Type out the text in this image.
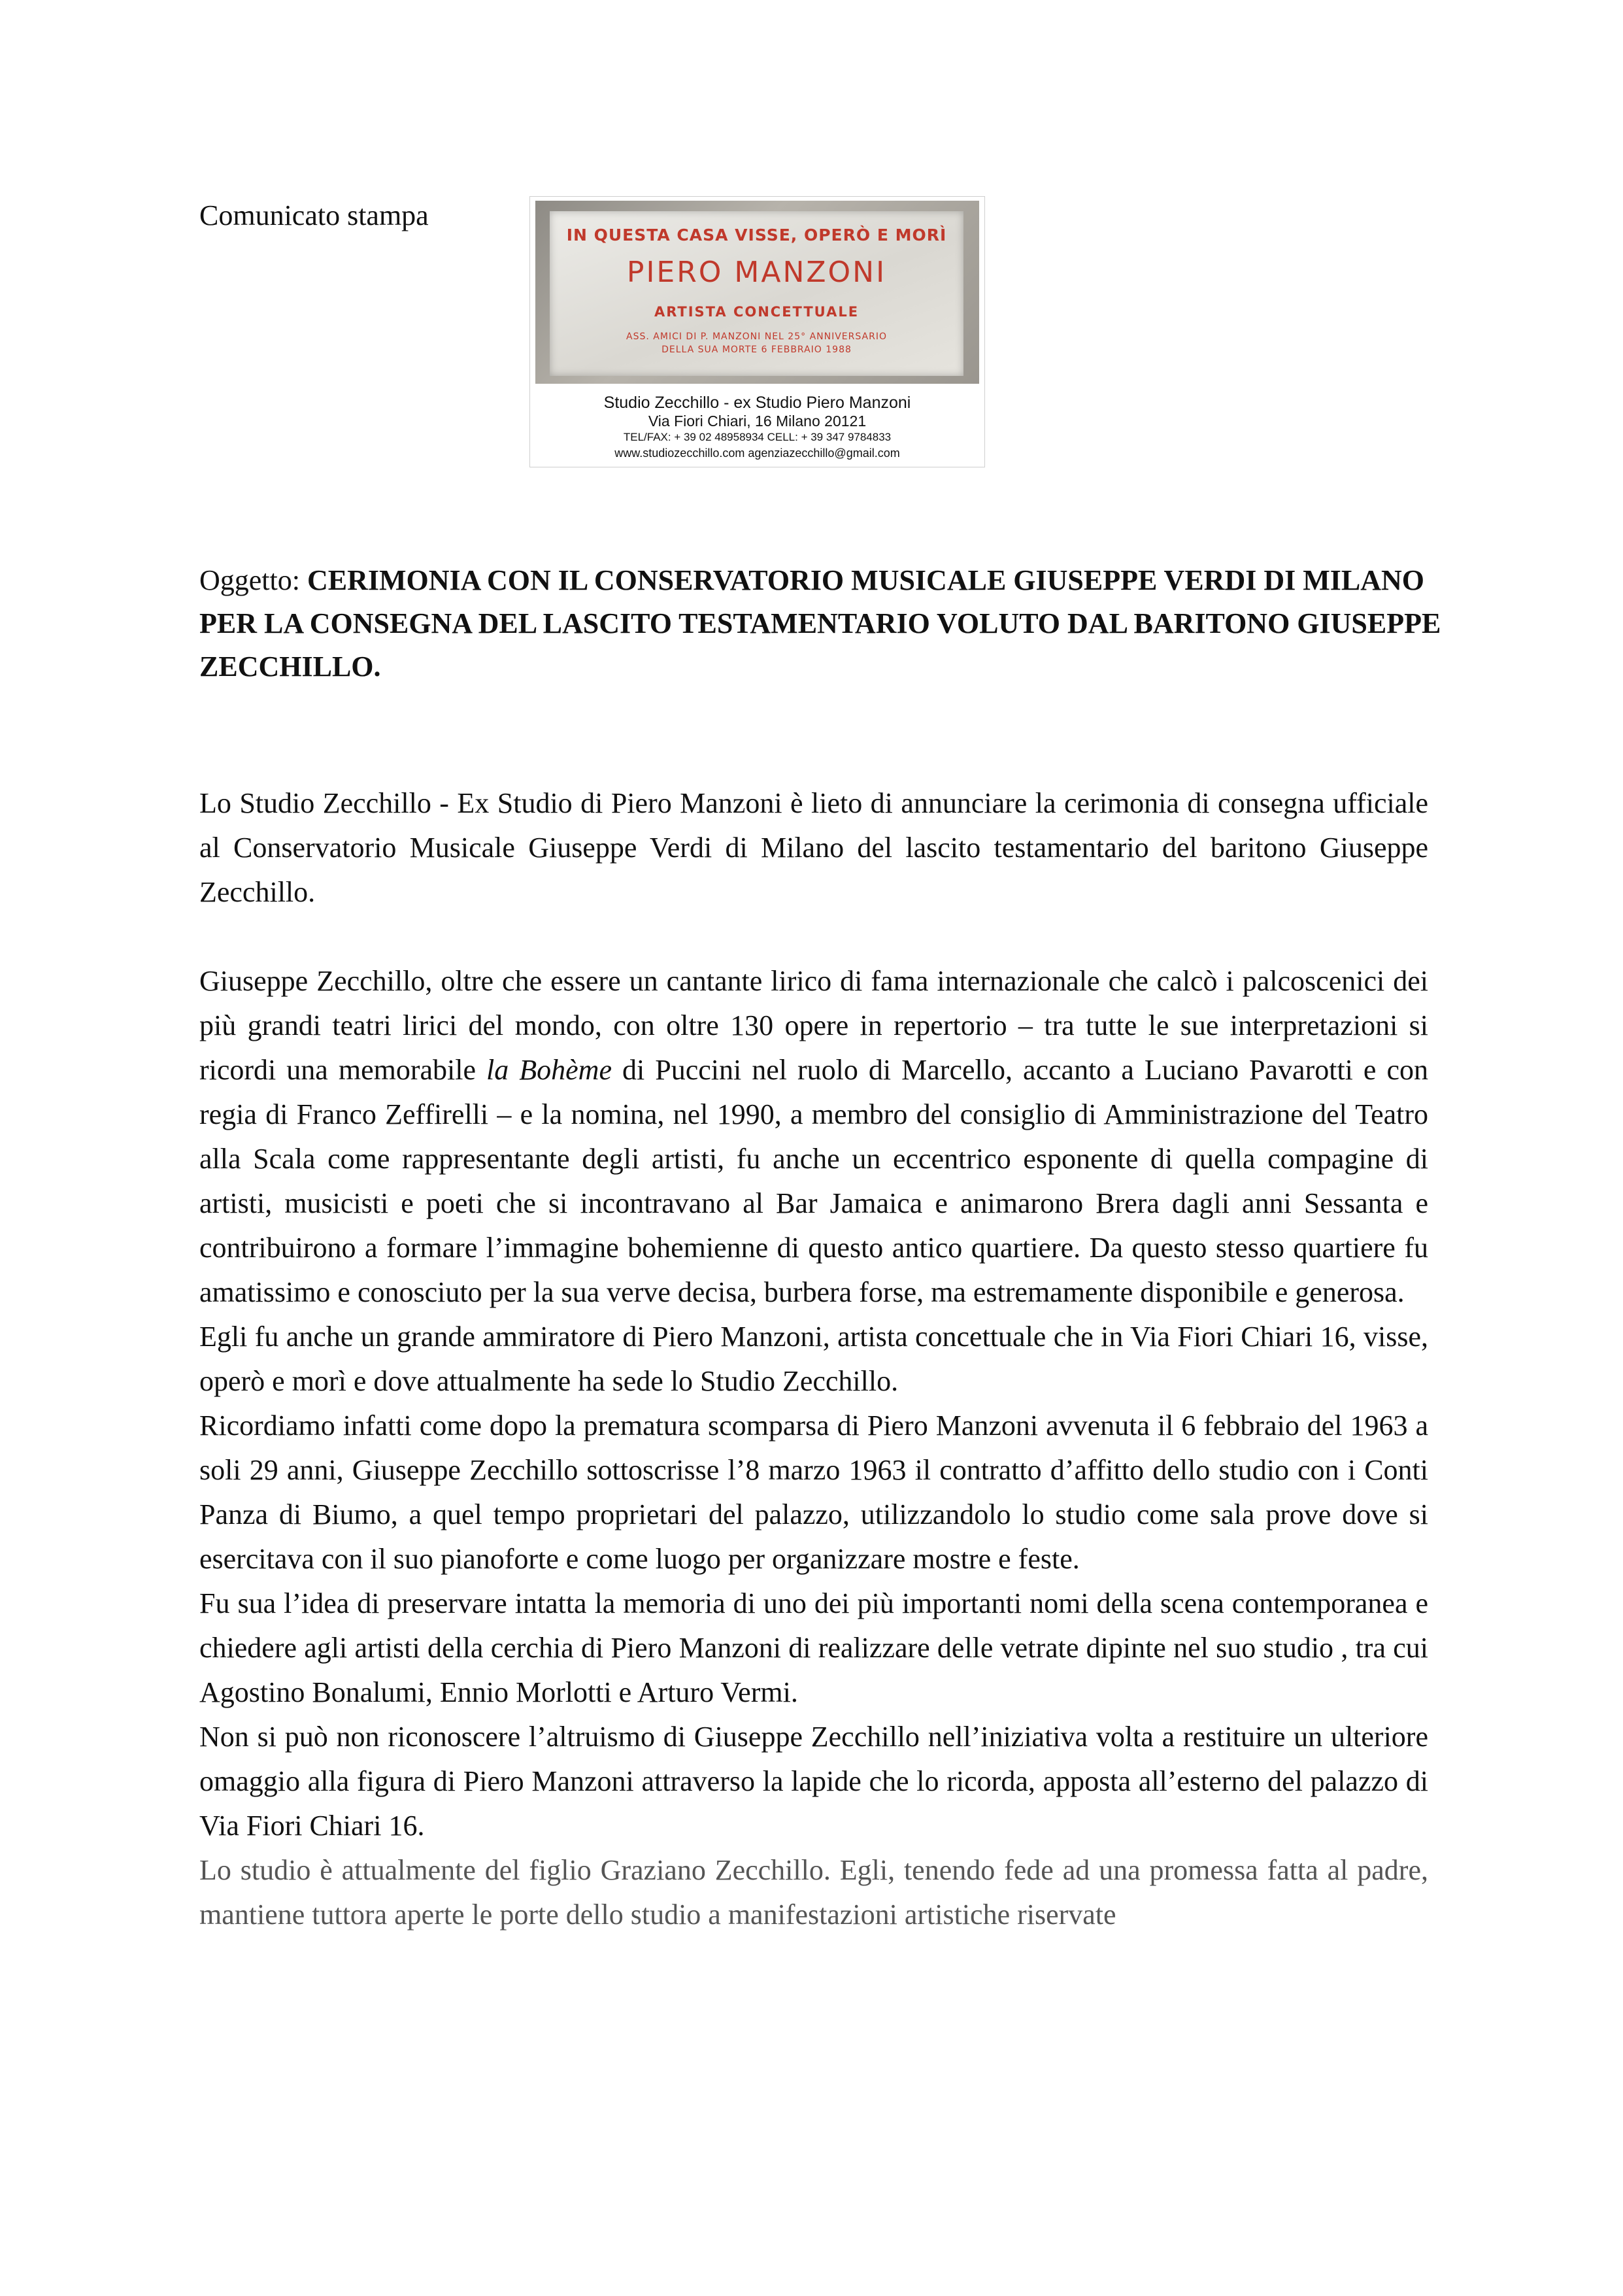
Comunicato stampa
IN QUESTA CASA VISSE, OPERÒ E MORÌ
PIERO MANZONI
ARTISTA CONCETTUALE
ASS. AMICI DI P. MANZONI NEL 25° ANNIVERSARIO
DELLA SUA MORTE 6 FEBBRAIO 1988
Studio Zecchillo - ex Studio Piero Manzoni
Via Fiori Chiari, 16 Milano 20121
TEL/FAX: + 39 02 48958934 CELL: + 39 347 9784833
www.studiozecchillo.com agenziazecchillo@gmail.com
Oggetto: CERIMONIA CON IL CONSERVATORIO MUSICALE GIUSEPPE VERDI DI MILANO PER LA CONSEGNA DEL LASCITO TESTAMENTARIO VOLUTO DAL BARITONO GIUSEPPE ZECCHILLO.

Lo Studio Zecchillo - Ex Studio di Piero Manzoni è lieto di annunciare la cerimonia di consegna ufficiale al Conservatorio Musicale Giuseppe Verdi di Milano del lascito testamentario del baritono Giuseppe Zecchillo.

Giuseppe Zecchillo, oltre che essere un cantante lirico di fama internazionale che calcò i palcoscenici dei più grandi teatri lirici del mondo, con oltre 130 opere in repertorio – tra tutte le sue interpretazioni si ricordi una memorabile la Bohème di Puccini nel ruolo di Marcello, accanto a Luciano Pavarotti e con regia di Franco Zeffirelli – e la nomina, nel 1990, a membro del consiglio di Amministrazione del Teatro alla Scala come rappresentante degli artisti, fu anche un eccentrico esponente di quella compagine di artisti, musicisti e poeti che si incontravano al Bar Jamaica e animarono Brera dagli anni Sessanta e contribuirono a formare l’immagine bohemienne di questo antico quartiere. Da questo stesso quartiere fu amatissimo e conosciuto per la sua verve decisa, burbera forse, ma estremamente disponibile e generosa.

Egli fu anche un grande ammiratore di Piero Manzoni, artista concettuale che in Via Fiori Chiari 16, visse, operò e morì e dove attualmente ha sede lo Studio Zecchillo.

Ricordiamo infatti come dopo la prematura scomparsa di Piero Manzoni avvenuta il 6 febbraio del 1963 a soli 29 anni, Giuseppe Zecchillo sottoscrisse l’8 marzo 1963 il contratto d’affitto dello studio con i Conti Panza di Biumo, a quel tempo proprietari del palazzo, utilizzandolo lo studio come sala prove dove si esercitava con il suo pianoforte e come luogo per organizzare mostre e feste.

Fu sua l’idea di preservare intatta la memoria di uno dei più importanti nomi della scena contemporanea e chiedere agli artisti della cerchia di Piero Manzoni di realizzare delle vetrate dipinte nel suo studio , tra cui Agostino Bonalumi, Ennio Morlotti e Arturo Vermi.

Non si può non riconoscere l’altruismo di Giuseppe Zecchillo nell’iniziativa volta a restituire un ulteriore omaggio alla figura di Piero Manzoni attraverso la lapide che lo ricorda, apposta all’esterno del palazzo di Via Fiori Chiari 16.

Lo studio è attualmente del figlio Graziano Zecchillo. Egli, tenendo fede ad una promessa fatta al padre, mantiene tuttora aperte le porte dello studio a manifestazioni artistiche riservate
